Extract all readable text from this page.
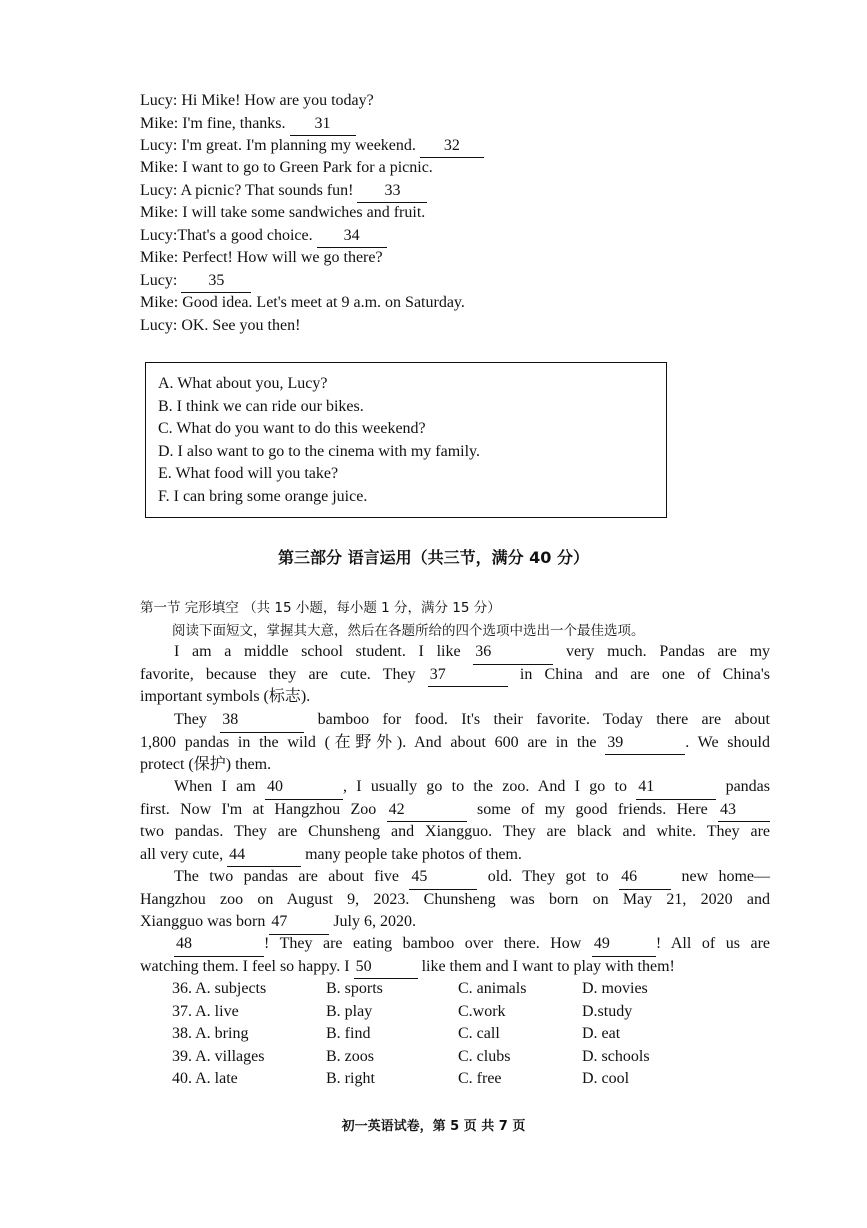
Lucy: Hi Mike! How are you today?
Mike: I'm fine, thanks. 31
Lucy: I'm great. I'm planning my weekend. 32
Mike: I want to go to Green Park for a picnic.
Lucy: A picnic? That sounds fun! 33
Mike: I will take some sandwiches and fruit.
Lucy:That's a good choice. 34
Mike: Perfect! How will we go there?
Lucy: 35
Mike: Good idea. Let's meet at 9 a.m. on Saturday.
Lucy: OK. See you then!
A. What about you, Lucy?
B. I think we can ride our bikes.
C. What do you want to do this weekend?
D. I also want to go to the cinema with my family.
E. What food will you take?
F. I can bring some orange juice.
第三部分 语言运用（共三节，满分 40 分）
第一节 完形填空 （共 15 小题，每小题 1 分，满分 15 分）
阅读下面短文，掌握其大意，然后在各题所给的四个选项中选出一个最佳选项。
I am a middle school student. I like 36	very much. Pandas are my
favorite, because they are cute. They 37	in China and are one of China's
important symbols (标志).
They 38	bamboo for food. It's their favorite. Today there are about
1,800 pandas in the wild (在野外). And about 600 are in the 39	. We should
protect (保护) them.
When I am 40	, I usually go to the zoo. And I go to 41	pandas
first. Now I'm at Hangzhou Zoo 42	some of my good friends. Here 43
two pandas. They are Chunsheng and Xiangguo. They are black and white. They are
all very cute, 44	many people take photos of them.
The two pandas are about five 45	old. They got to 46	new home—
Hangzhou zoo on August 9, 2023. Chunsheng was born on May 21, 2020 and
Xiangguo was born 47	July 6, 2020.
48	! They are eating bamboo over there. How 49	! All of us are
watching them. I feel so happy. I 50	like them and I want to play with them!
36. A. subjects	B. sports	C. animals	D. movies
37. A. live	B. play	C.work	D.study
38. A. bring	B. find	C. call	D. eat
39. A. villages	B. zoos	C. clubs	D. schools
40. A. late	B. right	C. free	D. cool
初一英语试卷，第 5 页 共 7 页
